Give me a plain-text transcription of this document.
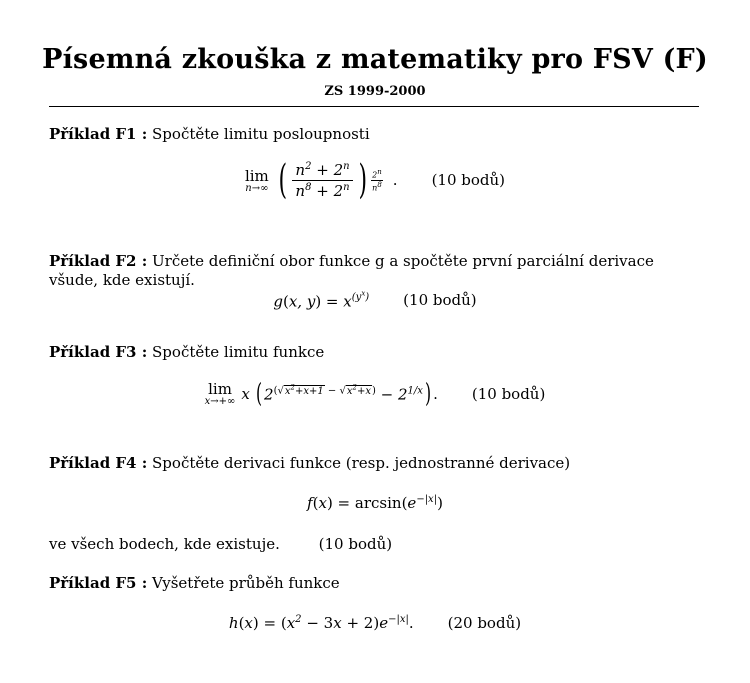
Písemná zkouška z matematiky pro FSV (F)
ZS 1999-2000
Příklad F1 : Spočtěte limitu posloupnosti
lim
n→∞ ( $\frac{n^2 + 2^n}{n^8 + 2^n}$ ) $\frac{2^n}{n^8}$ . (10 bodů)
Příklad F2 : Určete definiční obor funkce g a spočtěte první parciální derivace všude, kde existují.
g(x, $y) = x^{(y^x)}$ (10 bodů)
Příklad F3 : Spočtěte limitu funkce
lim
x→+∞ x ( $2^{(√x^2+x+1 - √x^2+x)} - 2^{1/x}$ ) . (10 bodů)
Příklad F4 : Spočtěte derivaci funkce (resp. jednostranné derivace)
$f(x) = \arcsin(e^{-|x|})$
ve všech bodech, kde existuje.	(10 bodů)
Příklad F5 : Vyšetřete průběh funkce
$h(x) = (x^2 - 3x + 2)e^{-|x|}$. (20 bodů)
